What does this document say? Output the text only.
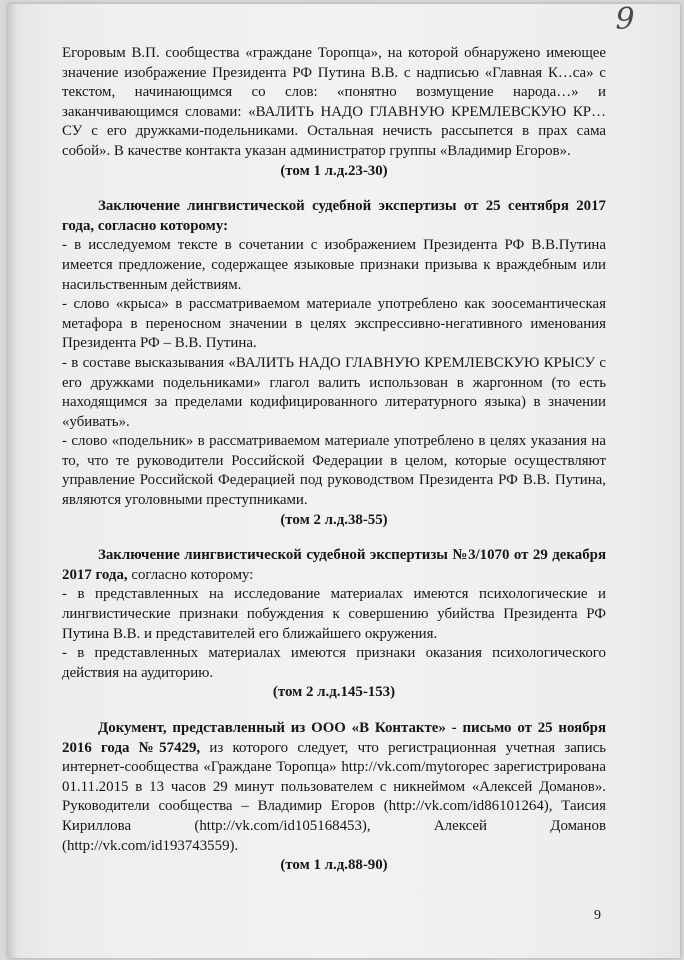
9

Егоровым В.П. сообщества «граждане Торопца», на которой обнаружено имеющее значение изображение Президента РФ Путина В.В. с надписью «Главная К…са» с текстом, начинающимся со слов: «понятно возмущение народа…» и заканчивающимся словами: «ВАЛИТЬ НАДО ГЛАВНУЮ КРЕМЛЕВСКУЮ КР…СУ с его дружками-подельниками. Остальная нечисть рассыпется в прах сама собой». В качестве контакта указан администратор группы «Владимир Егоров».

(том 1 л.д.23-30)

Заключение лингвистической судебной экспертизы от 25 сентября 2017 года, согласно которому:

- в исследуемом тексте в сочетании с изображением Президента РФ В.В.Путина имеется предложение, содержащее языковые признаки призыва к враждебным или насильственным действиям.

- слово «крыса» в рассматриваемом материале употреблено как зоосемантическая метафора в переносном значении в целях экспрессивно-негативного именования Президента РФ – В.В. Путина.

- в составе высказывания «ВАЛИТЬ НАДО ГЛАВНУЮ КРЕМЛЕВСКУЮ КРЫСУ с его дружками подельниками» глагол валить использован в жаргонном (то есть находящимся за пределами кодифицированного литературного языка) в значении «убивать».

- слово «подельник» в рассматриваемом материале употреблено в целях указания на то, что те руководители Российской Федерации в целом, которые осуществляют управление Российской Федерацией под руководством Президента РФ В.В. Путина, являются уголовными преступниками.

(том 2 л.д.38-55)

Заключение лингвистической судебной экспертизы №3/1070 от 29 декабря 2017 года, согласно которому:

- в представленных на исследование материалах имеются психологические и лингвистические признаки побуждения к совершению убийства Президента РФ Путина В.В. и представителей его ближайшего окружения.

- в представленных материалах имеются признаки оказания психологического действия на аудиторию.

(том 2 л.д.145-153)

Документ, представленный из ООО «В Контакте» - письмо от 25 ноября 2016 года №57429, из которого следует, что регистрационная учетная запись интернет-сообщества «Граждане Торопца» http://vk.com/mytoropec зарегистрирована 01.11.2015 в 13 часов 29 минут пользователем с никнеймом «Алексей Доманов». Руководители сообщества – Владимир Егоров (http://vk.com/id86101264), Таисия Кириллова (http://vk.com/id105168453), Алексей Доманов (http://vk.com/id193743559).

(том 1 л.д.88-90)

9
